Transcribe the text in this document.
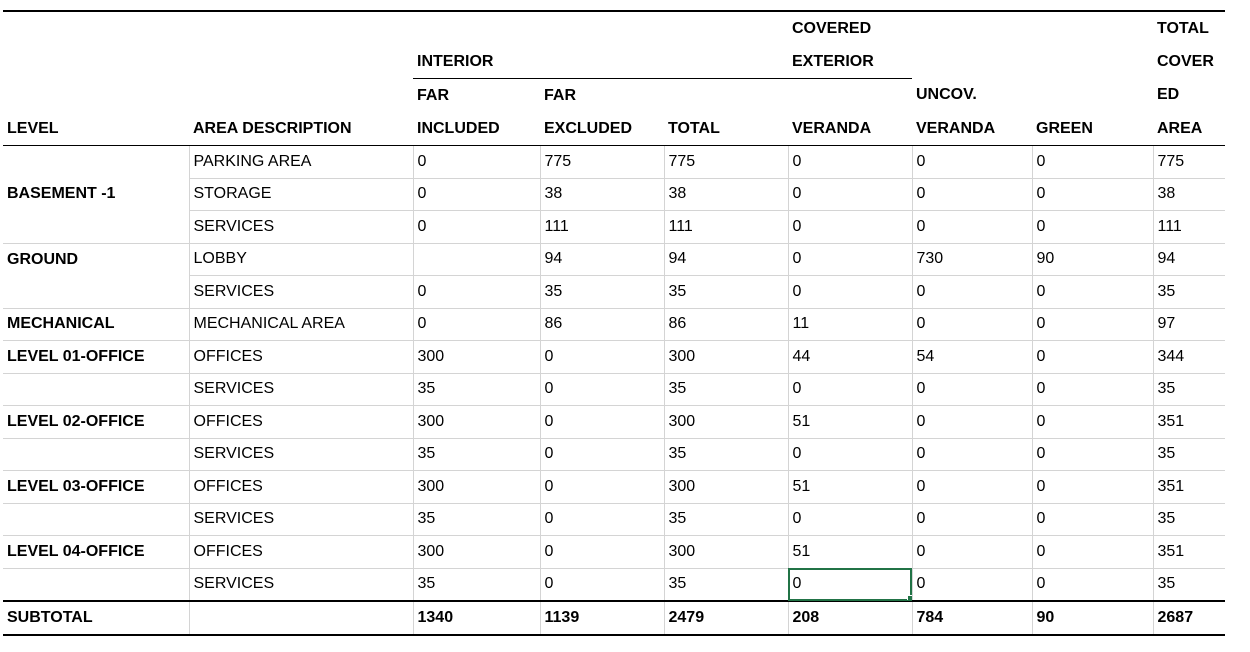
					COVERED			TOTAL
		INTERIOR			EXTERIOR			COVER
		FAR	FAR			UNCOV.		ED
LEVEL	AREA DESCRIPTION	INCLUDED	EXCLUDED	TOTAL	VERANDA	VERANDA	GREEN	AREA
	PARKING AREA	0	775	775	0	0	0	775
BASEMENT -1	STORAGE	0	38	38	0	0	0	38
	SERVICES	0	111	111	0	0	0	111
GROUND	LOBBY		94	94	0	730	90	94
	SERVICES	0	35	35	0	0	0	35
MECHANICAL	MECHANICAL AREA	0	86	86	11	0	0	97
LEVEL 01-OFFICE	OFFICES	300	0	300	44	54	0	344
	SERVICES	35	0	35	0	0	0	35
LEVEL 02-OFFICE	OFFICES	300	0	300	51	0	0	351
	SERVICES	35	0	35	0	0	0	35
LEVEL 03-OFFICE	OFFICES	300	0	300	51	0	0	351
	SERVICES	35	0	35	0	0	0	35
LEVEL 04-OFFICE	OFFICES	300	0	300	51	0	0	351
	SERVICES	35	0	35	0	0	0	35
SUBTOTAL		1340	1139	2479	208	784	90	2687
